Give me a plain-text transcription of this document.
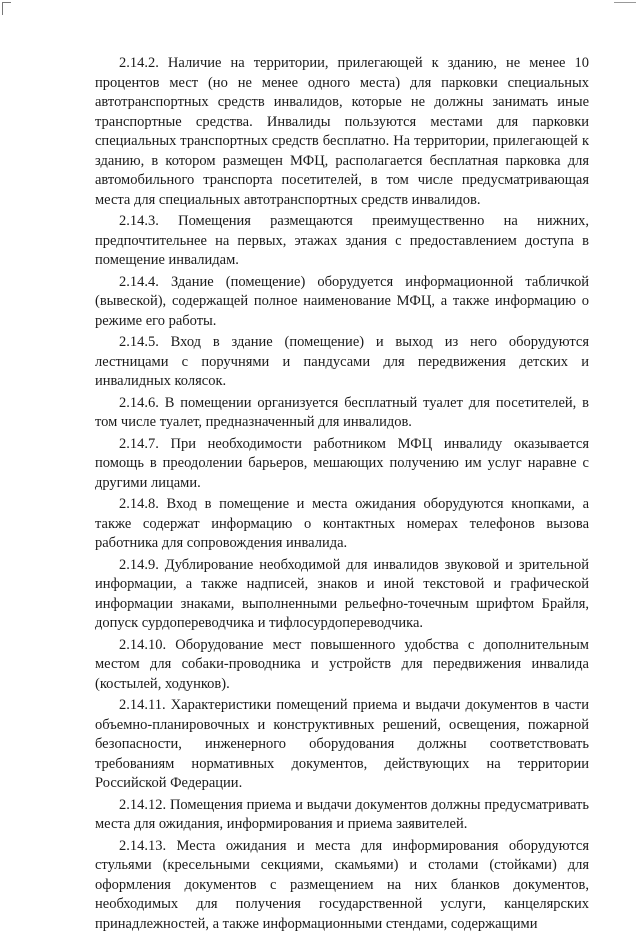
2.14.2. Наличие на территории, прилегающей к зданию, не менее 10 процентов мест (но не менее одного места) для парковки специальных автотранспортных средств инвалидов, которые не должны занимать иные транспортные средства. Инвалиды пользуются местами для парковки специальных транспортных средств бесплатно. На территории, прилегающей к зданию, в котором размещен МФЦ, располагается бесплатная парковка для автомобильного транспорта посетителей, в том числе предусматривающая места для специальных автотранспортных средств инвалидов.

2.14.3. Помещения размещаются преимущественно на нижних, предпочтительнее на первых, этажах здания с предоставлением доступа в помещение инвалидам.

2.14.4. Здание (помещение) оборудуется информационной табличкой (вывеской), содержащей полное наименование МФЦ, а также информацию о режиме его работы.

2.14.5. Вход в здание (помещение) и выход из него оборудуются лестницами с поручнями и пандусами для передвижения детских и инвалидных колясок.

2.14.6. В помещении организуется бесплатный туалет для посетителей, в том числе туалет, предназначенный для инвалидов.

2.14.7. При необходимости работником МФЦ инвалиду оказывается помощь в преодолении барьеров, мешающих получению им услуг наравне с другими лицами.

2.14.8. Вход в помещение и места ожидания оборудуются кнопками, а также содержат информацию о контактных номерах телефонов вызова работника для сопровождения инвалида.

2.14.9. Дублирование необходимой для инвалидов звуковой и зрительной информации, а также надписей, знаков и иной текстовой и графической информации знаками, выполненными рельефно-точечным шрифтом Брайля, допуск сурдопереводчика и тифлосурдопереводчика.

2.14.10. Оборудование мест повышенного удобства с дополнительным местом для собаки-проводника и устройств для передвижения инвалида (костылей, ходунков).

2.14.11. Характеристики помещений приема и выдачи документов в части объемно-планировочных и конструктивных решений, освещения, пожарной безопасности, инженерного оборудования должны соответствовать требованиям нормативных документов, действующих на территории Российской Федерации.

2.14.12. Помещения приема и выдачи документов должны предусматривать места для ожидания, информирования и приема заявителей.

2.14.13. Места ожидания и места для информирования оборудуются стульями (кресельными секциями, скамьями) и столами (стойками) для оформления документов с размещением на них бланков документов, необходимых для получения государственной услуги, канцелярских принадлежностей, а также информационными стендами, содержащими
